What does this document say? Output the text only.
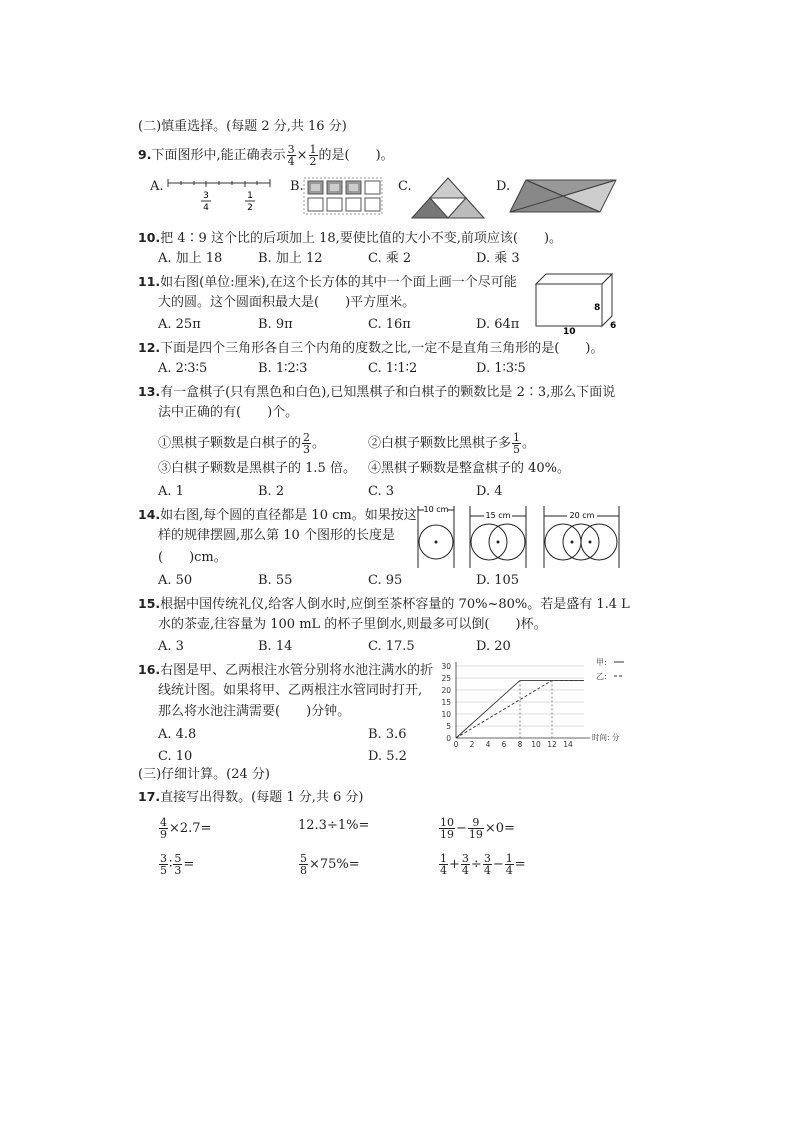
(二)慎重选择。(每题 2 分,共 16 分)
9.下面图形中,能正确表示 $\frac{3}{4} \times \frac{1}{2}$ 的是( )。
A.
3
4
1
2
B.	C.	D.
10.把 4∶9 这个比的后项加上 18,要使比值的大小不变,前项应该( )。
A. 加上 18	B. 加上 12	C. 乘 2	D. 乘 3
11.如右图(单位:厘米),在这个长方体的其中一个面上画一个尽可能
大的圆。这个圆面积最大是( )平方厘米。
A. 25π	B. 9π	C. 16π	D. 64π
8
10
6
12.下面是四个三角形各自三个内角的度数之比,一定不是直角三角形的是( )。
A. 2∶3∶5	B. 1∶2∶3	C. 1∶1∶2	D. 1∶3∶5
13.有一盒棋子(只有黑色和白色),已知黑棋子和白棋子的颗数比是 2∶3,那么下面说
法中正确的有( )个。
①黑棋子颗数是白棋子的 $\frac{2}{3}$ 。	②白棋子颗数比黑棋子多 $\frac{1}{5}$ 。
③白棋子颗数是黑棋子的 1.5 倍。 ④黑棋子颗数是整盒棋子的 40%。
A. 1	B. 2	C. 3	D. 4
14.如右图,每个圆的直径都是 10 cm。如果按这
样的规律摆圆,那么第 10 个图形的长度是
( )cm。
A. 50	B. 55	C. 95	D. 105
10 cm
15 cm	20 cm
15.根据中国传统礼仪,给客人倒水时,应倒至茶杯容量的 70%~80%。若是盛有 1.4 L
水的茶壶,往容量为 100 mL 的杯子里倒水,则最多可以倒( )杯。
A. 3	B. 14	C. 17.5	D. 20
16.右图是甲、乙两根注水管分别将水池注满水的折
线统计图。如果将甲、乙两根注水管同时打开,
那么将水池注满需要( )分钟。
A. 4.8	B. 3.6
C. 10	D. 5.2
0
5
10
15
20
25
30
0 2 4 6 8 10 12 14
时间: 分
甲:
乙:
(三)仔细计算。(24 分)
17.直接写出得数。(每题 1 分,共 6 分)
$\frac{4}{9} \times 2.7=$	12.3÷1%=	$\frac{10}{19} - \frac{9}{19} \times 0=$
$\frac{3}{5}$ ∶ $\frac{5}{3}$ =	$\frac{5}{8} \times 75\%=$	$\frac{1}{4} + \frac{3}{4} \div \frac{3}{4} - \frac{1}{4}$ =
